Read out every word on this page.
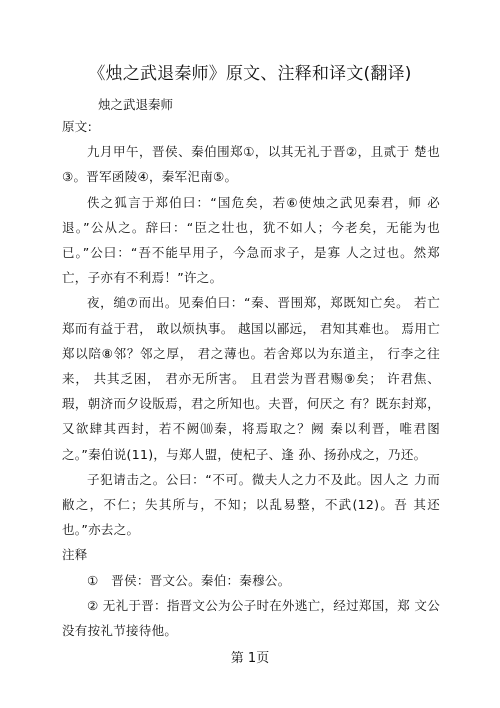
《烛之武退秦师》原文、注释和译文(翻译)
烛之武退秦师

原文:

九月甲午，晋侯、秦伯围郑①，以其无礼于晋②，且贰于 楚也③。晋军函陵④，秦军汜南⑤。

佚之狐言于郑伯曰：“国危矣，若⑥使烛之武见秦君，师 必退。”公从之。辞曰：“臣之壮也，犹不如人；今老矣，无能为也已。”公曰：“吾不能早用子，今急而求子，是寡 人之过也。然郑亡，子亦有不利焉！”许之。

夜，缒⑦而出。见秦伯曰：“秦、晋围郑，郑既知亡矣。 若亡郑而有益于君， 敢以烦执事。 越国以鄙远， 君知其难也。 焉用亡郑以陪⑧邻？邻之厚， 君之薄也。若舍郑以为东道主， 行李之往来， 共其乏困， 君亦无所害。 且君尝为晋君赐⑨矣； 许君焦、瑕，朝济而夕设版焉，君之所知也。夫晋，何厌之 有？既东封郑，又欲肆其西封，若不阙⑽秦，将焉取之？阙 秦以利晋，唯君图之。”秦伯说(11)，与郑人盟，使杞子、逢 孙、扬孙戍之，乃还。

子犯请击之。公曰：“不可。微夫人之力不及此。因人之 力而敝之，不仁；失其所与，不知；以乱易整，不武(12)。吾 其还也。”亦去之。

注释

①　晋侯：晋文公。秦伯：秦穆公。

② 无礼于晋：指晋文公为公子时在外逃亡，经过郑国，郑 文公没有按礼节接待他。

第 1页
